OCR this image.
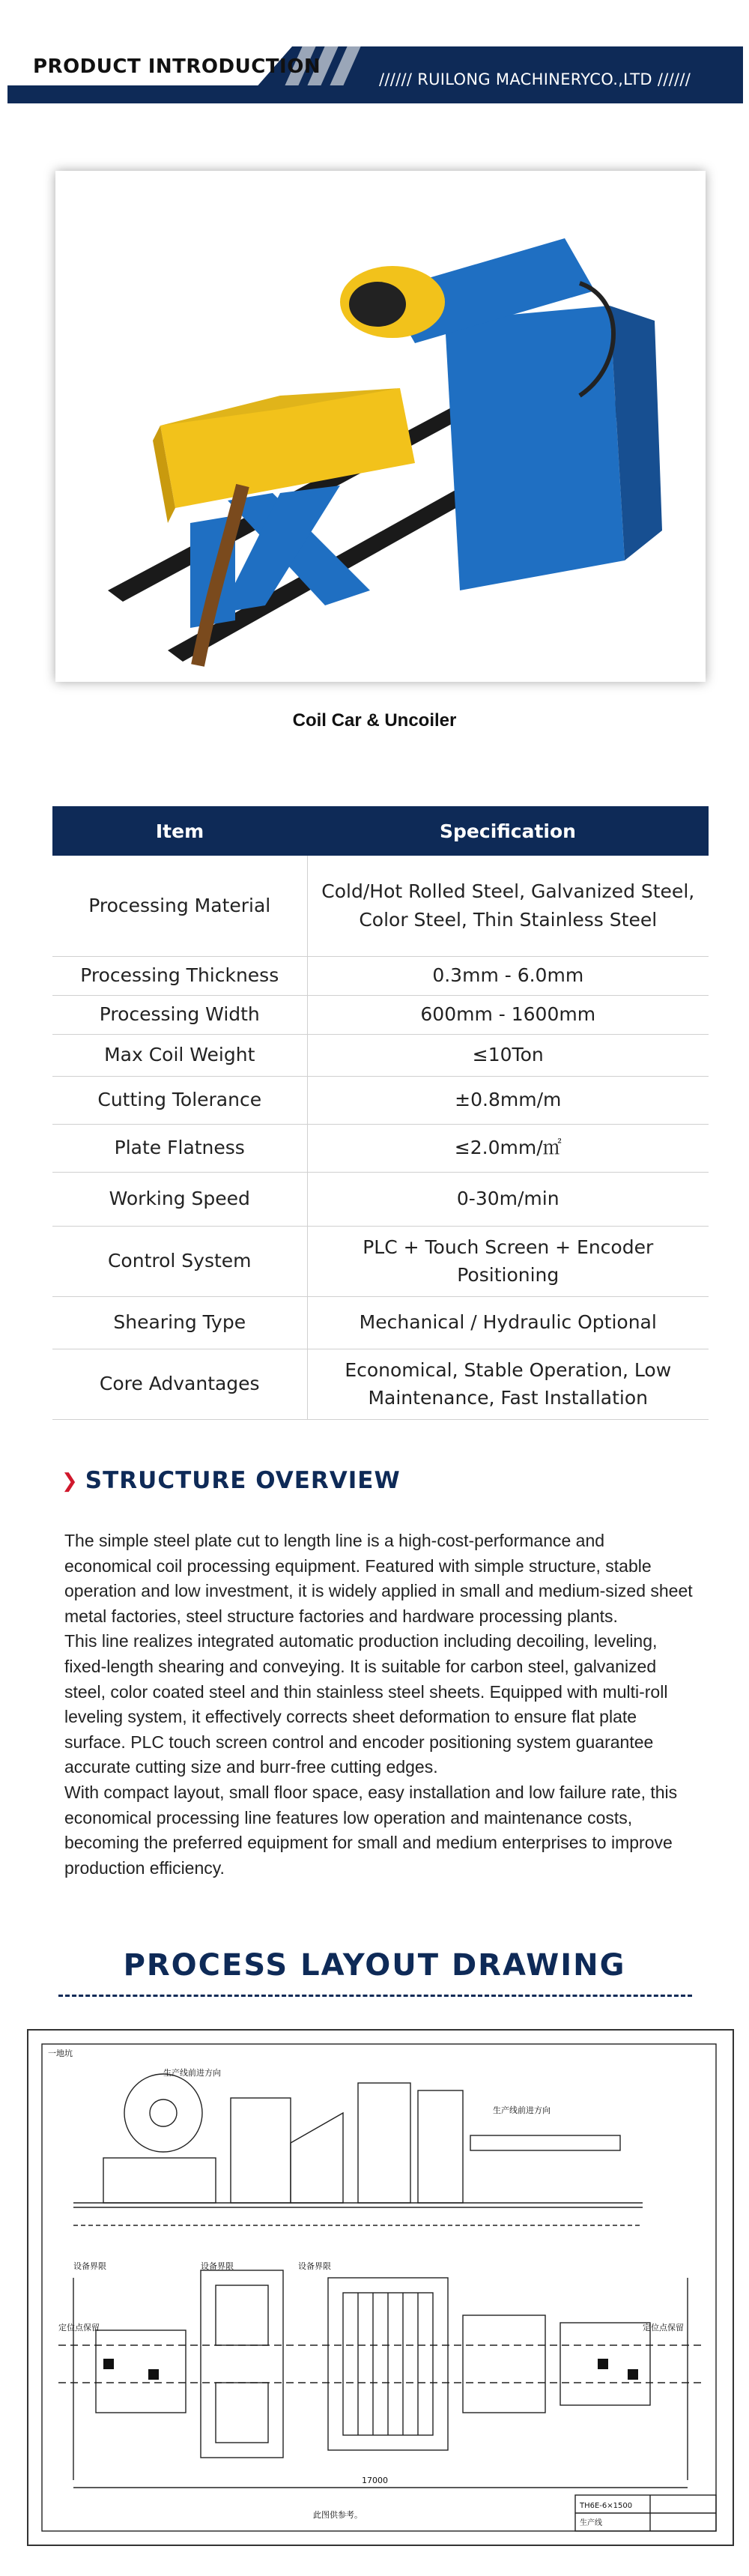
PRODUCT INTRODUCTION
////// RUILONG MACHINERYCO.,LTD //////
Coil Car & Uncoiler
Item	Specification
Processing Material	Cold/Hot Rolled Steel, Galvanized Steel, Color Steel, Thin Stainless Steel
Processing Thickness	0.3mm - 6.0mm
Processing Width	600mm - 1600mm
Max Coil Weight	≤10Ton
Cutting Tolerance	±0.8mm/m
Plate Flatness	≤2.0mm/㎡
Working Speed	0-30m/min
Control System	PLC + Touch Screen + Encoder Positioning
Shearing Type	Mechanical / Hydraulic Optional
Core Advantages	Economical, Stable Operation, Low Maintenance, Fast Installation
❯ STRUCTURE OVERVIEW

The simple steel plate cut to length line is a high-cost-performance and economical coil processing equipment. Featured with simple structure, stable operation and low investment, it is widely applied in small and medium-sized sheet metal factories, steel structure factories and hardware processing plants.

This line realizes integrated automatic production including decoiling, leveling, fixed-length shearing and conveying. It is suitable for carbon steel, galvanized steel, color coated steel and thin stainless steel sheets. Equipped with multi-roll leveling system, it effectively corrects sheet deformation to ensure flat plate surface. PLC touch screen control and encoder positioning system guarantee accurate cutting size and burr-free cutting edges.

With compact layout, small floor space, easy installation and low failure rate, this economical processing line features low operation and maintenance costs, becoming the preferred equipment for small and medium enterprises to improve production efficiency.

PROCESS LAYOUT DRAWING
一地坑
生产线前进方向
生产线前进方向
设备界限	设备界限	设备界限
定位点保留	定位点保留
17000
此图供参考。
TH6E-6×1500
生产线
